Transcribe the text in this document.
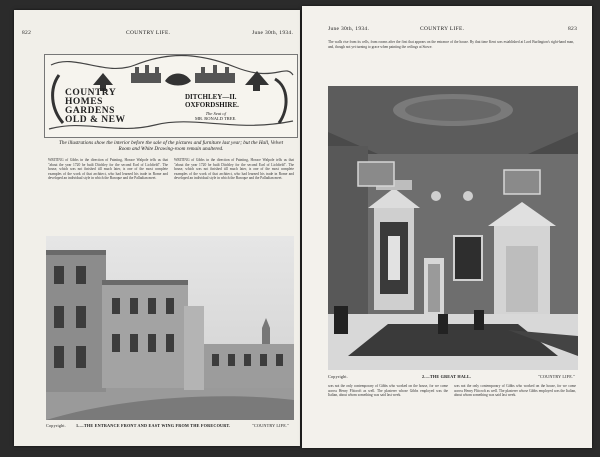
822	COUNTRY LIFE.	June 30th, 1934.
COUNTRY
HOMES
GARDENS
OLD & NEW
DITCHLEY—II.
OXFORDSHIRE.
The Seat of
MR. RONALD TREE.
The illustrations show the interior before the sale of the pictures and furniture last year; but the Hall, Velvet Room and White Drawing-room remain unaltered.
WRITING of Gibbs in the direction of Painting, Horace Walpole tells us that "about the year 1720 he built Ditchley for the second Earl of Lichfield". The house, which was not finished till much later, is one of the most complete examples of the work of that architect, who had learned his trade in Rome and developed an individual style in which the Baroque and the Palladian meet.
WRITING of Gibbs in the direction of Painting, Horace Walpole tells us that "about the year 1720 he built Ditchley for the second Earl of Lichfield". The house, which was not finished till much later, is one of the most complete examples of the work of that architect, who had learned his trade in Rome and developed an individual style in which the Baroque and the Palladian meet.
Copyright. 1.—THE ENTRANCE FRONT AND EAST WING FROM THE FORECOURT.	"COUNTRY LIFE."
June 30th, 1934.	COUNTRY LIFE.	823
The walls rise from its cells, from rooms after the first that appears on the entrance of the house. By that time Kent was established at Lord Burlington's right-hand man, and, though not yet turning to grace when painting the ceilings at Stowe.
Copyright.	2.—THE GREAT HALL.	"COUNTRY LIFE."
was not the only contemporary of Gibbs who worked on the house, for we come across Henry Flitcroft as well. The plasterer whose Gibbs employed was the Italian, about whom something was said last week.
was not the only contemporary of Gibbs who worked on the house, for we come across Henry Flitcroft as well. The plasterer whose Gibbs employed was the Italian, about whom something was said last week.
